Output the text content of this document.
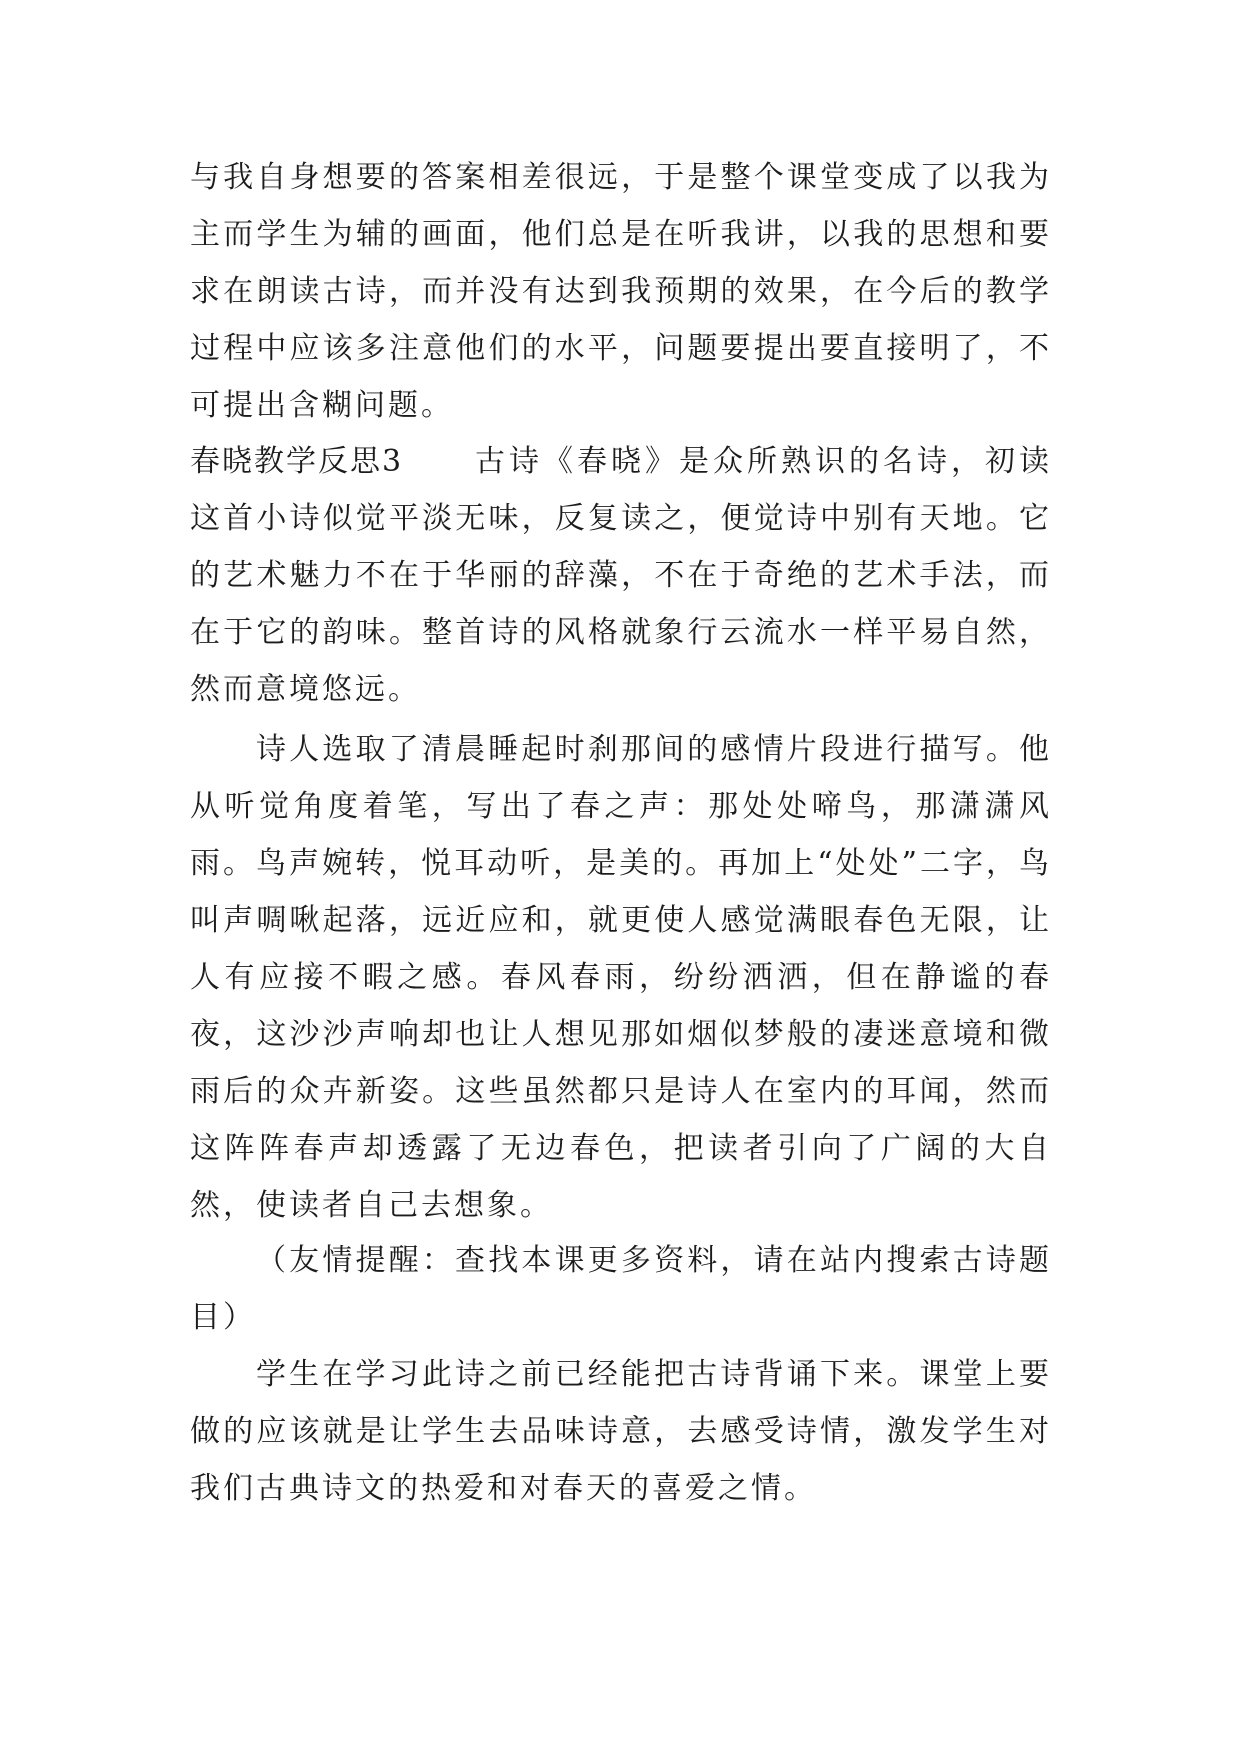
与我自身想要的答案相差很远，于是整个课堂变成了以我为主而学生为辅的画面，他们总是在听我讲，以我的思想和要求在朗读古诗，而并没有达到我预期的效果，在今后的教学过程中应该多注意他们的水平，问题要提出要直接明了，不可提出含糊问题。

春晓教学反思3 古诗《春晓》是众所熟识的名诗，初读这首小诗似觉平淡无味，反复读之，便觉诗中别有天地。它的艺术魅力不在于华丽的辞藻，不在于奇绝的艺术手法，而在于它的韵味。整首诗的风格就象行云流水一样平易自然，然而意境悠远。

诗人选取了清晨睡起时刹那间的感情片段进行描写。他从听觉角度着笔，写出了春之声：那处处啼鸟，那潇潇风雨。鸟声婉转，悦耳动听，是美的。再加上“处处”二字，鸟叫声啁啾起落，远近应和，就更使人感觉满眼春色无限，让人有应接不暇之感。春风春雨，纷纷洒洒，但在静谧的春夜，这沙沙声响却也让人想见那如烟似梦般的凄迷意境和微雨后的众卉新姿。这些虽然都只是诗人在室内的耳闻，然而这阵阵春声却透露了无边春色，把读者引向了广阔的大自然，使读者自己去想象。

（友情提醒：查找本课更多资料，请在站内搜索古诗题目）

学生在学习此诗之前已经能把古诗背诵下来。课堂上要做的应该就是让学生去品味诗意，去感受诗情，激发学生对我们古典诗文的热爱和对春天的喜爱之情。
